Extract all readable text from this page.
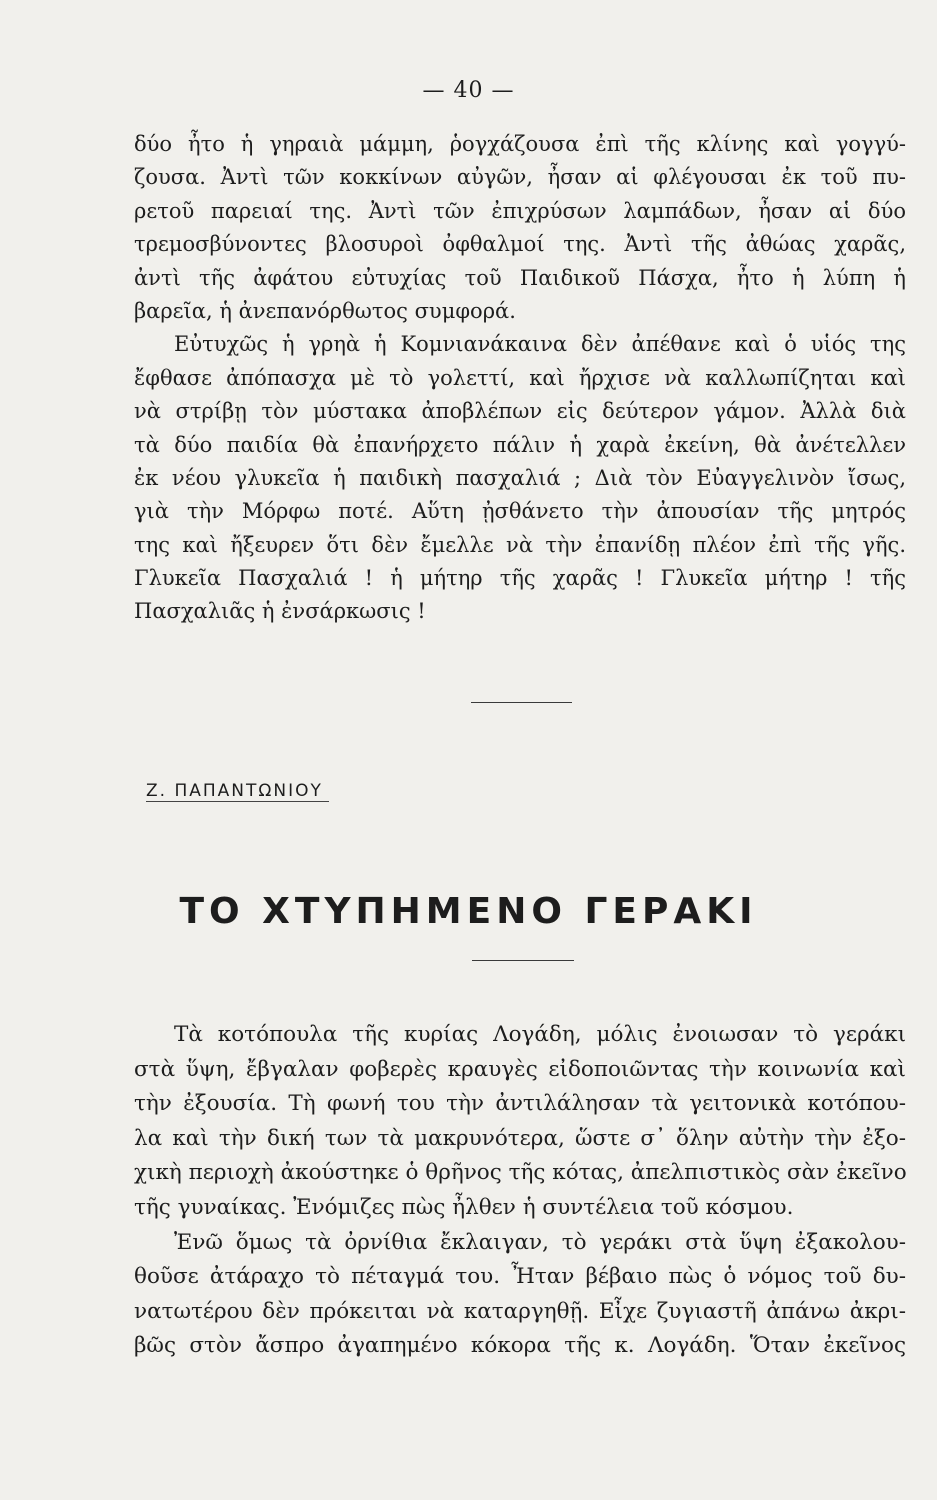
— 40 —
δύο ἦτο ἡ γηραιὰ μάμμη, ῥογχάζουσα ἐπὶ τῆς κλίνης καὶ γογγύ-
ζουσα. Ἀντὶ τῶν κοκκίνων αὐγῶν, ἦσαν αἱ φλέγουσαι ἐκ τοῦ πυ-
ρετοῦ παρειαί της. Ἀντὶ τῶν ἐπιχρύσων λαμπάδων, ἦσαν αἱ δύο
τρεμοσβύνοντες βλοσυροὶ ὀφθαλμοί της. Ἀντὶ τῆς ἀθώας χαρᾶς,
ἀντὶ τῆς ἀφάτου εὐτυχίας τοῦ Παιδικοῦ Πάσχα, ἦτο ἡ λύπη ἡ
βαρεῖα, ἡ ἀνεπανόρθωτος συμφορά.
Εὐτυχῶς ἡ γρηὰ ἡ Κομνιανάκαινα δὲν ἀπέθανε καὶ ὁ υἱός της
ἔφθασε ἀπόπασχα μὲ τὸ γολεττί, καὶ ἤρχισε νὰ καλλωπίζηται καὶ
νὰ στρίβῃ τὸν μύστακα ἀποβλέπων εἰς δεύτερον γάμον. Ἀλλὰ διὰ
τὰ δύο παιδία θὰ ἐπανήρχετο πάλιν ἡ χαρὰ ἐκείνη, θὰ ἀνέτελλεν
ἐκ νέου γλυκεῖα ἡ παιδικὴ πασχαλιά ; Διὰ τὸν Εὐαγγελινὸν ἴσως,
γιὰ τὴν Μόρφω ποτέ. Αὕτη ᾐσθάνετο τὴν ἀπουσίαν τῆς μητρός
της καὶ ἤξευρεν ὅτι δὲν ἔμελλε νὰ τὴν ἐπανίδῃ πλέον ἐπὶ τῆς γῆς.
Γλυκεῖα Πασχαλιά ! ἡ μήτηρ τῆς χαρᾶς ! Γλυκεῖα μήτηρ ! τῆς
Πασχαλιᾶς ἡ ἐνσάρκωσις !
Ζ. ΠΑΠΑΝΤΩΝΙΟΥ
ΤΟ ΧΤΥΠΗΜΕΝΟ ΓΕΡΑΚΙ
Τὰ κοτόπουλα τῆς κυρίας Λογάδη, μόλις ἐνοιωσαν τὸ γεράκι
στὰ ὕψη, ἔβγαλαν φοβερὲς κραυγὲς εἰδοποιῶντας τὴν κοινωνία καὶ
τὴν ἐξουσία. Τὴ φωνή του τὴν ἀντιλάλησαν τὰ γειτονικὰ κοτόπου-
λα καὶ τὴν δική των τὰ μακρυνότερα, ὥστε σ᾿ ὅλην αὐτὴν τὴν ἐξο-
χικὴ περιοχὴ ἀκούστηκε ὁ θρῆνος τῆς κότας, ἀπελπιστικὸς σὰν ἐκεῖνο
τῆς γυναίκας. Ἐνόμιζες πὼς ἦλθεν ἡ συντέλεια τοῦ κόσμου.
Ἐνῶ ὅμως τὰ ὀρνίθια ἔκλαιγαν, τὸ γεράκι στὰ ὕψη ἐξακολου-
θοῦσε ἀτάραχο τὸ πέταγμά του. Ἦταν βέβαιο πὼς ὁ νόμος τοῦ δυ-
νατωτέρου δὲν πρόκειται νὰ καταργηθῇ. Εἶχε ζυγιαστῆ ἀπάνω ἀκρι-
βῶς στὸν ἄσπρο ἀγαπημένο κόκορα τῆς κ. Λογάδη. Ὅταν ἐκεῖνος
